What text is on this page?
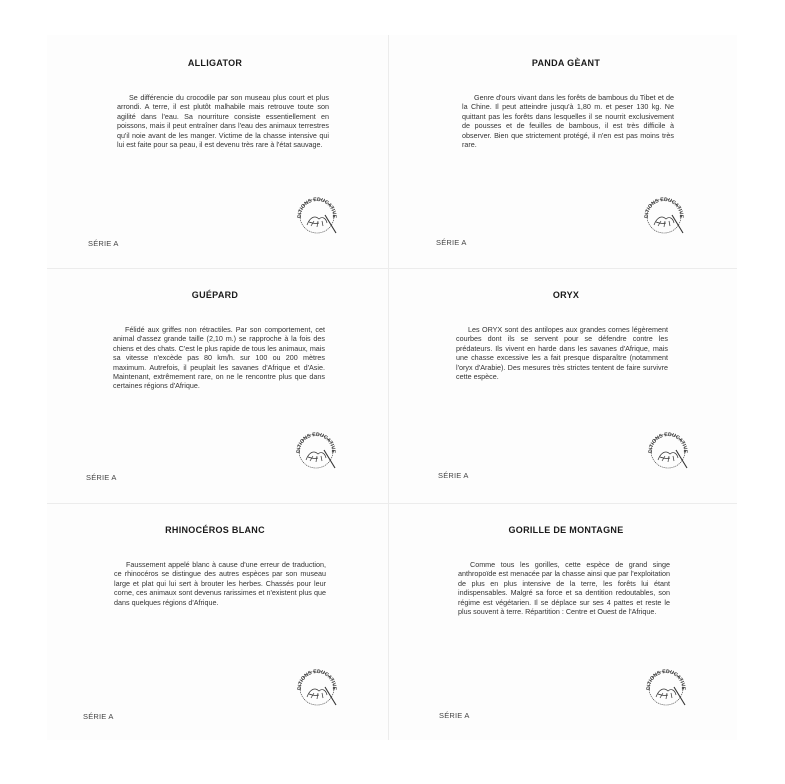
ALLIGATOR
Se différencie du crocodile par son museau plus court et plus arrondi. A terre, il est plutôt malhabile mais retrouve toute son agilité dans l'eau. Sa nourriture consiste essentiellement en poissons, mais il peut entraîner dans l'eau des animaux terrestres qu'il noie avant de les manger. Victime de la chasse intensive qui lui est faite pour sa peau, il est devenu très rare à l'état sauvage.
SÉRIE A
DITIONS EDUCATIVE
PANDA GÈANT
Genre d'ours vivant dans les forêts de bambous du Tibet et de la Chine. Il peut atteindre jusqu'à 1,80 m. et peser 130 kg. Ne quittant pas les forêts dans lesquelles il se nourrit exclusivement de pousses et de feuilles de bambous, il est très difficile à observer. Bien que strictement protégé, il n'en est pas moins très rare.
SÉRIE A
DITIONS EDUCATIVE
GUÉPARD
Félidé aux griffes non rétractiles. Par son comportement, cet animal d'assez grande taille (2,10 m.) se rapproche à la fois des chiens et des chats. C'est le plus rapide de tous les animaux, mais sa vitesse n'excède pas 80 km/h. sur 100 ou 200 mètres maximum. Autrefois, il peuplait les savanes d'Afrique et d'Asie. Maintenant, extrêmement rare, on ne le rencontre plus que dans certaines régions d'Afrique.
SÉRIE A
DITIONS EDUCATIVE
ORYX
Les ORYX sont des antilopes aux grandes cornes légèrement courbes dont ils se servent pour se défendre contre les prédateurs. Ils vivent en harde dans les savanes d'Afrique, mais une chasse excessive les a fait presque disparaître (notamment l'oryx d'Arabie). Des mesures très strictes tentent de faire survivre cette espèce.
SÉRIE A
DITIONS EDUCATIVE
RHINOCÉROS BLANC
Faussement appelé blanc à cause d'une erreur de traduction, ce rhinocéros se distingue des autres espèces par son museau large et plat qui lui sert à brouter les herbes. Chassés pour leur corne, ces animaux sont devenus rarissimes et n'existent plus que dans quelques régions d'Afrique.
SÉRIE A
DITIONS EDUCATIVE
GORILLE DE MONTAGNE
Comme tous les gorilles, cette espèce de grand singe anthropoïde est menacée par la chasse ainsi que par l'exploitation de plus en plus intensive de la terre, les forêts lui étant indispensables. Malgré sa force et sa dentition redoutables, son régime est végétarien. Il se déplace sur ses 4 pattes et reste le plus souvent à terre. Répartition : Centre et Ouest de l'Afrique.
SÉRIE A
DITIONS EDUCATIVE
